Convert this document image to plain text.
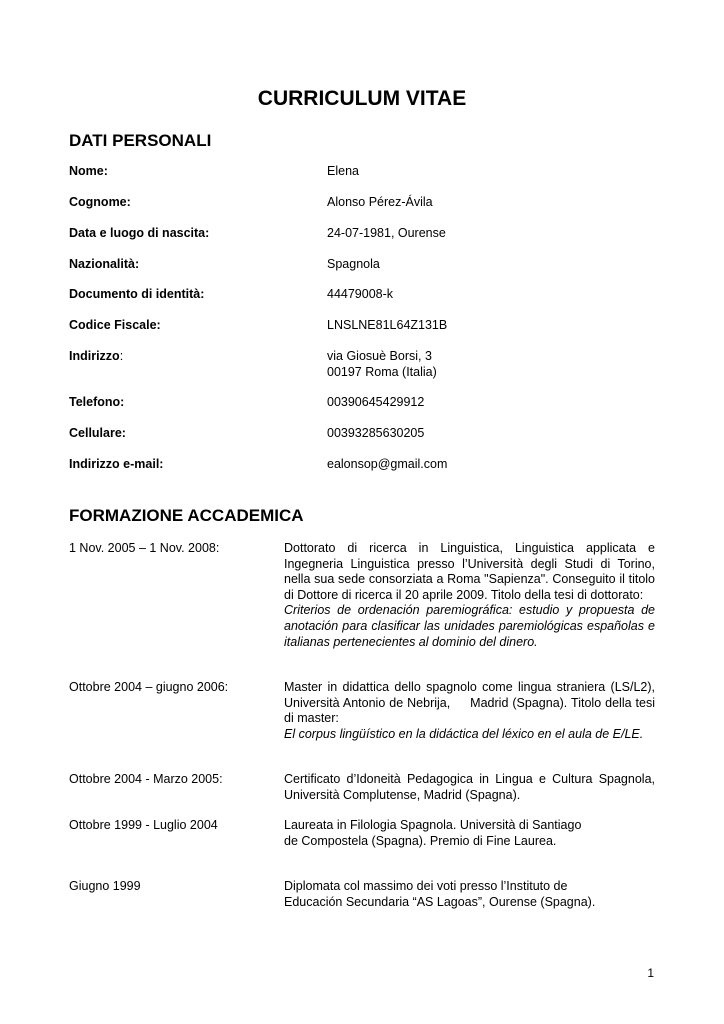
CURRICULUM VITAE
DATI PERSONALI
Nome:	Elena
Cognome:	Alonso Pérez-Ávila
Data e luogo di nascita:	24-07-1981, Ourense
Nazionalità:	Spagnola
Documento di identità:	44479008-k
Codice Fiscale:	LNSLNE81L64Z131B
Indirizzo:	via Giosuè Borsi, 3
00197 Roma (Italia)
Telefono:	00390645429912
Cellulare:	00393285630205
Indirizzo e-mail:	ealonsop@gmail.com
FORMAZIONE ACCADEMICA
1 Nov. 2005 – 1 Nov. 2008:	Dottorato di ricerca in Linguistica, Linguistica applicata e Ingegneria Linguistica presso l’Università degli Studi di Torino, nella sua sede consorziata a Roma "Sapienza". Conseguito il titolo di Dottore di ricerca il 20 aprile 2009. Titolo della tesi di dottorato:
Criterios de ordenación paremiográfica: estudio y propuesta de anotación para clasificar las unidades paremiológicas españolas e italianas pertenecientes al dominio del dinero.
Ottobre 2004 – giugno 2006:	Master in didattica dello spagnolo come lingua straniera (LS/L2), Università Antonio de Nebrija,     Madrid (Spagna). Titolo della tesi di master:
El corpus lingüístico en la didáctica del léxico en el aula de E/LE.
Ottobre 2004 - Marzo 2005:	Certificato d’Idoneità Pedagogica in Lingua e Cultura Spagnola, Università Complutense, Madrid (Spagna).
Ottobre 1999 - Luglio 2004	Laureata in Filologia Spagnola. Università di Santiago
de Compostela (Spagna). Premio di Fine Laurea.
Giugno 1999	Diplomata col massimo dei voti presso l’Instituto de
Educación Secundaria “AS Lagoas”, Ourense (Spagna).
1
